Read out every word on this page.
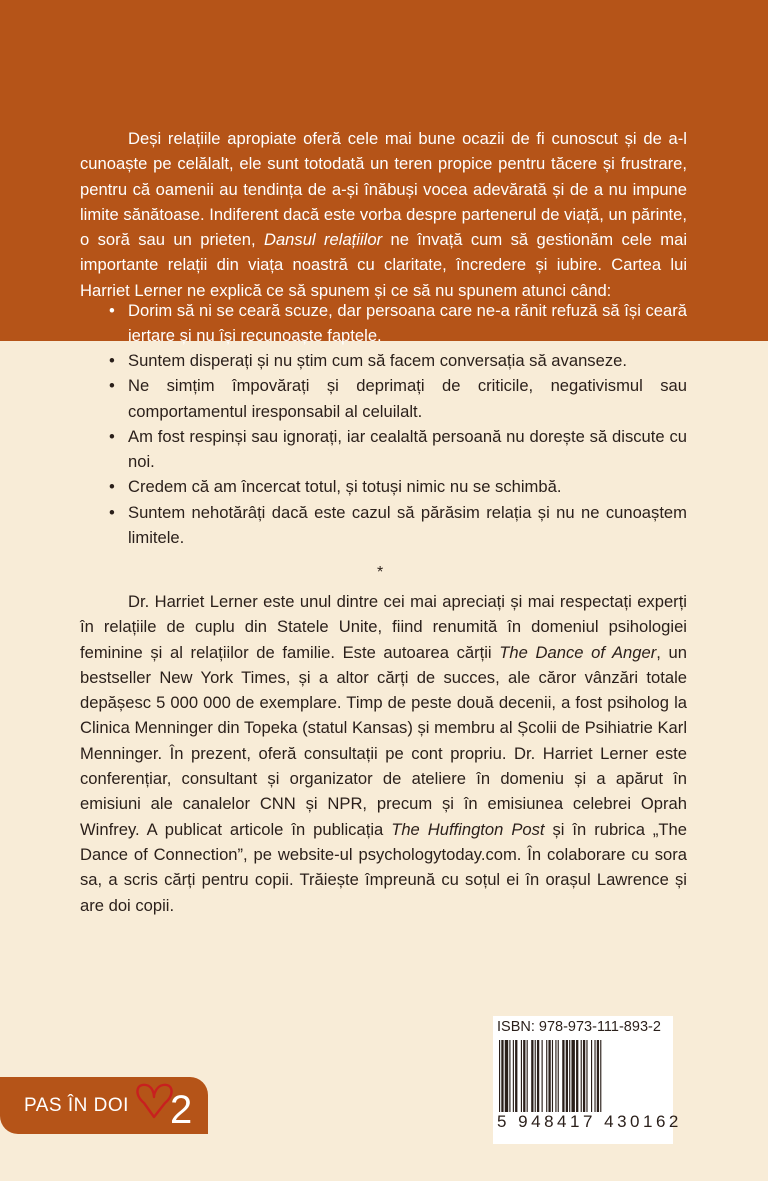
Deși relațiile apropiate oferă cele mai bune ocazii de fi cunoscut și de a-l cunoaște pe celălalt, ele sunt totodată un teren propice pentru tăcere și frustrare, pentru că oamenii au tendința de a-și înăbuși vocea adevărată și de a nu impune limite sănătoase. Indiferent dacă este vorba despre partenerul de viață, un părinte, o soră sau un prieten, Dansul relațiilor ne învață cum să gestionăm cele mai importante relații din viața noastră cu claritate, încredere și iubire. Cartea lui Harriet Lerner ne explică ce să spunem și ce să nu spunem atunci când:

• Dorim să ni se ceară scuze, dar persoana care ne-a rănit refuză să își ceară iertare și nu își recunoaște faptele.
• Suntem disperați și nu știm cum să facem conversația să avanseze.
• Ne simțim împovărați și deprimați de criticile, negativismul sau comportamentul iresponsabil al celuilalt.
• Am fost respinși sau ignorați, iar cealaltă persoană nu dorește să discute cu noi.
• Credem că am încercat totul, și totuși nimic nu se schimbă.
• Suntem nehotărâți dacă este cazul să părăsim relația și nu ne cunoaștem limitele.
*

Dr. Harriet Lerner este unul dintre cei mai apreciați și mai respectați experți în relațiile de cuplu din Statele Unite, fiind renumită în domeniul psihologiei feminine și al relațiilor de familie. Este autoarea cărții The Dance of Anger, un bestseller New York Times, și a altor cărți de succes, ale căror vânzări totale depășesc 5 000 000 de exemplare. Timp de peste două decenii, a fost psiholog la Clinica Menninger din Topeka (statul Kansas) și membru al Școlii de Psihiatrie Karl Menninger. În prezent, oferă consultații pe cont propriu. Dr. Harriet Lerner este conferențiar, consultant și organizator de ateliere în domeniu și a apărut în emisiuni ale canalelor CNN și NPR, precum și în emisiunea celebrei Oprah Winfrey. A publicat articole în publicația The Huffington Post și în rubrica „The Dance of Connection”, pe website-ul psychologytoday.com. În colaborare cu sora sa, a scris cărți pentru copii. Trăiește împreună cu soțul ei în orașul Lawrence și are doi copii.

PAS ÎN DOI 2
ISBN: 978-973-111-893-2
5 948417 430162
